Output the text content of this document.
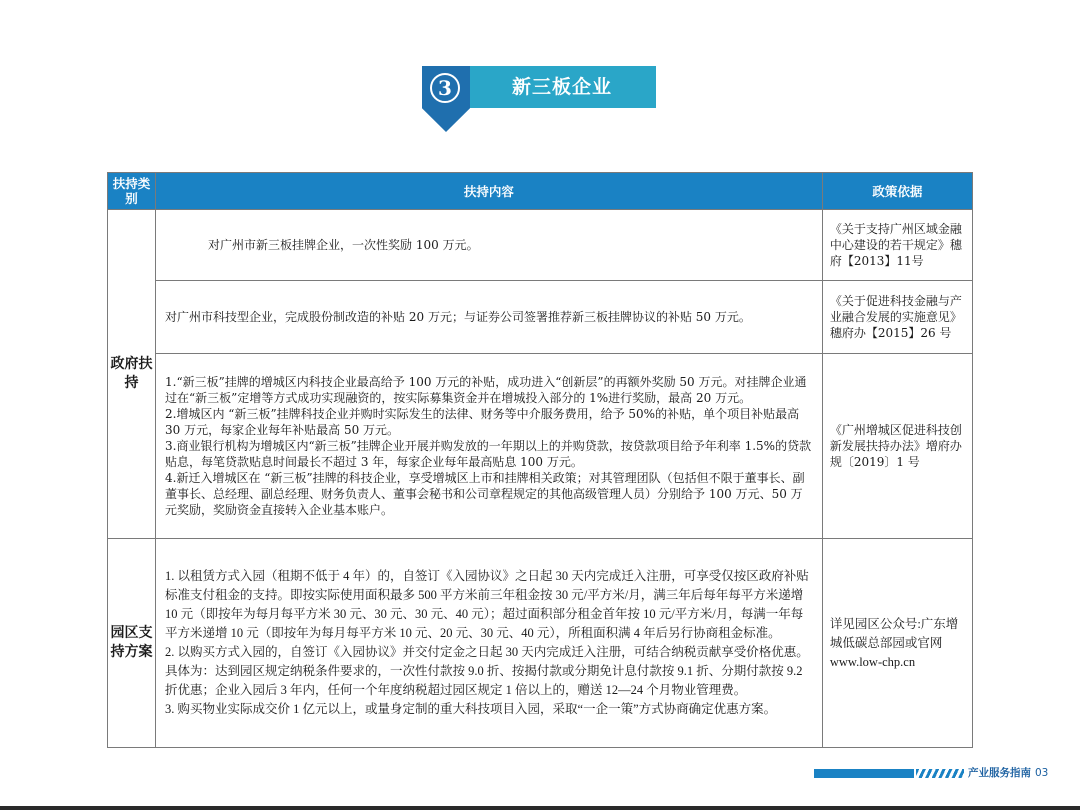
3	新三板企业
扶持类别	扶持内容	政策依据
政府扶持	对广州市新三板挂牌企业，一次性奖励 100 万元。	《关于支持广州区域金融中心建设的若干规定》穗府【2013】11号

	对广州市科技型企业，完成股份制改造的补贴 20 万元；与证券公司签署推荐新三板挂牌协议的补贴 50 万元。	《关于促进科技金融与产业融合发展的实施意见》穗府办【2015】26 号

	1.“新三板”挂牌的增城区内科技企业最高给予 100 万元的补贴，成功进入“创新层”的再额外奖励 50 万元。对挂牌企业通过在“新三板”定增等方式成功实现融资的，按实际募集资金并在增城投入部分的 1%进行奖励，最高 20 万元。
2.增城区内 “新三板”挂牌科技企业并购时实际发生的法律、财务等中介服务费用，给予 50%的补贴，单个项目补贴最高 30 万元，每家企业每年补贴最高 50 万元。
3.商业银行机构为增城区内“新三板”挂牌企业开展并购发放的一年期以上的并购贷款，按贷款项目给予年利率 1.5%的贷款贴息，每笔贷款贴息时间最长不超过 3 年，每家企业每年最高贴息 100 万元。
4.新迁入增城区在 “新三板”挂牌的科技企业，享受增城区上市和挂牌相关政策；对其管理团队（包括但不限于董事长、副董事长、总经理、副总经理、财务负责人、董事会秘书和公司章程规定的其他高级管理人员）分别给予 100 万元、50 万元奖励，奖励资金直接转入企业基本账户。	《广州增城区促进科技创新发展扶持办法》增府办规〔2019〕1 号
园区支持方案	1. 以租赁方式入园（租期不低于 4 年）的，自签订《入园协议》之日起 30 天内完成迁入注册，可享受仅按区政府补贴标准支付租金的支持。即按实际使用面积最多 500 平方米前三年租金按 30 元/平方米/月，满三年后每年每平方米递增 10 元（即按年为每月每平方米 30 元、30 元、30 元、40 元）；超过面积部分租金首年按 10 元/平方米/月，每满一年每平方米递增 10 元（即按年为每月每平方米 10 元、20 元、30 元、40 元），所租面积满 4 年后另行协商租金标准。
2. 以购买方式入园的，自签订《入园协议》并交付定金之日起 30 天内完成迁入注册，可结合纳税贡献享受价格优惠。具体为：达到园区规定纳税条件要求的，一次性付款按 9.0 折、按揭付款或分期免计息付款按 9.1 折、分期付款按 9.2 折优惠；企业入园后 3 年内，任何一个年度纳税超过园区规定 1 倍以上的，赠送 12—24 个月物业管理费。
3. 购买物业实际成交价 1 亿元以上，或量身定制的重大科技项目入园，采取“一企一策”方式协商确定优惠方案。	详见园区公众号:广东增城低碳总部园或官网 www.low-chp.cn
产业服务指南 03
